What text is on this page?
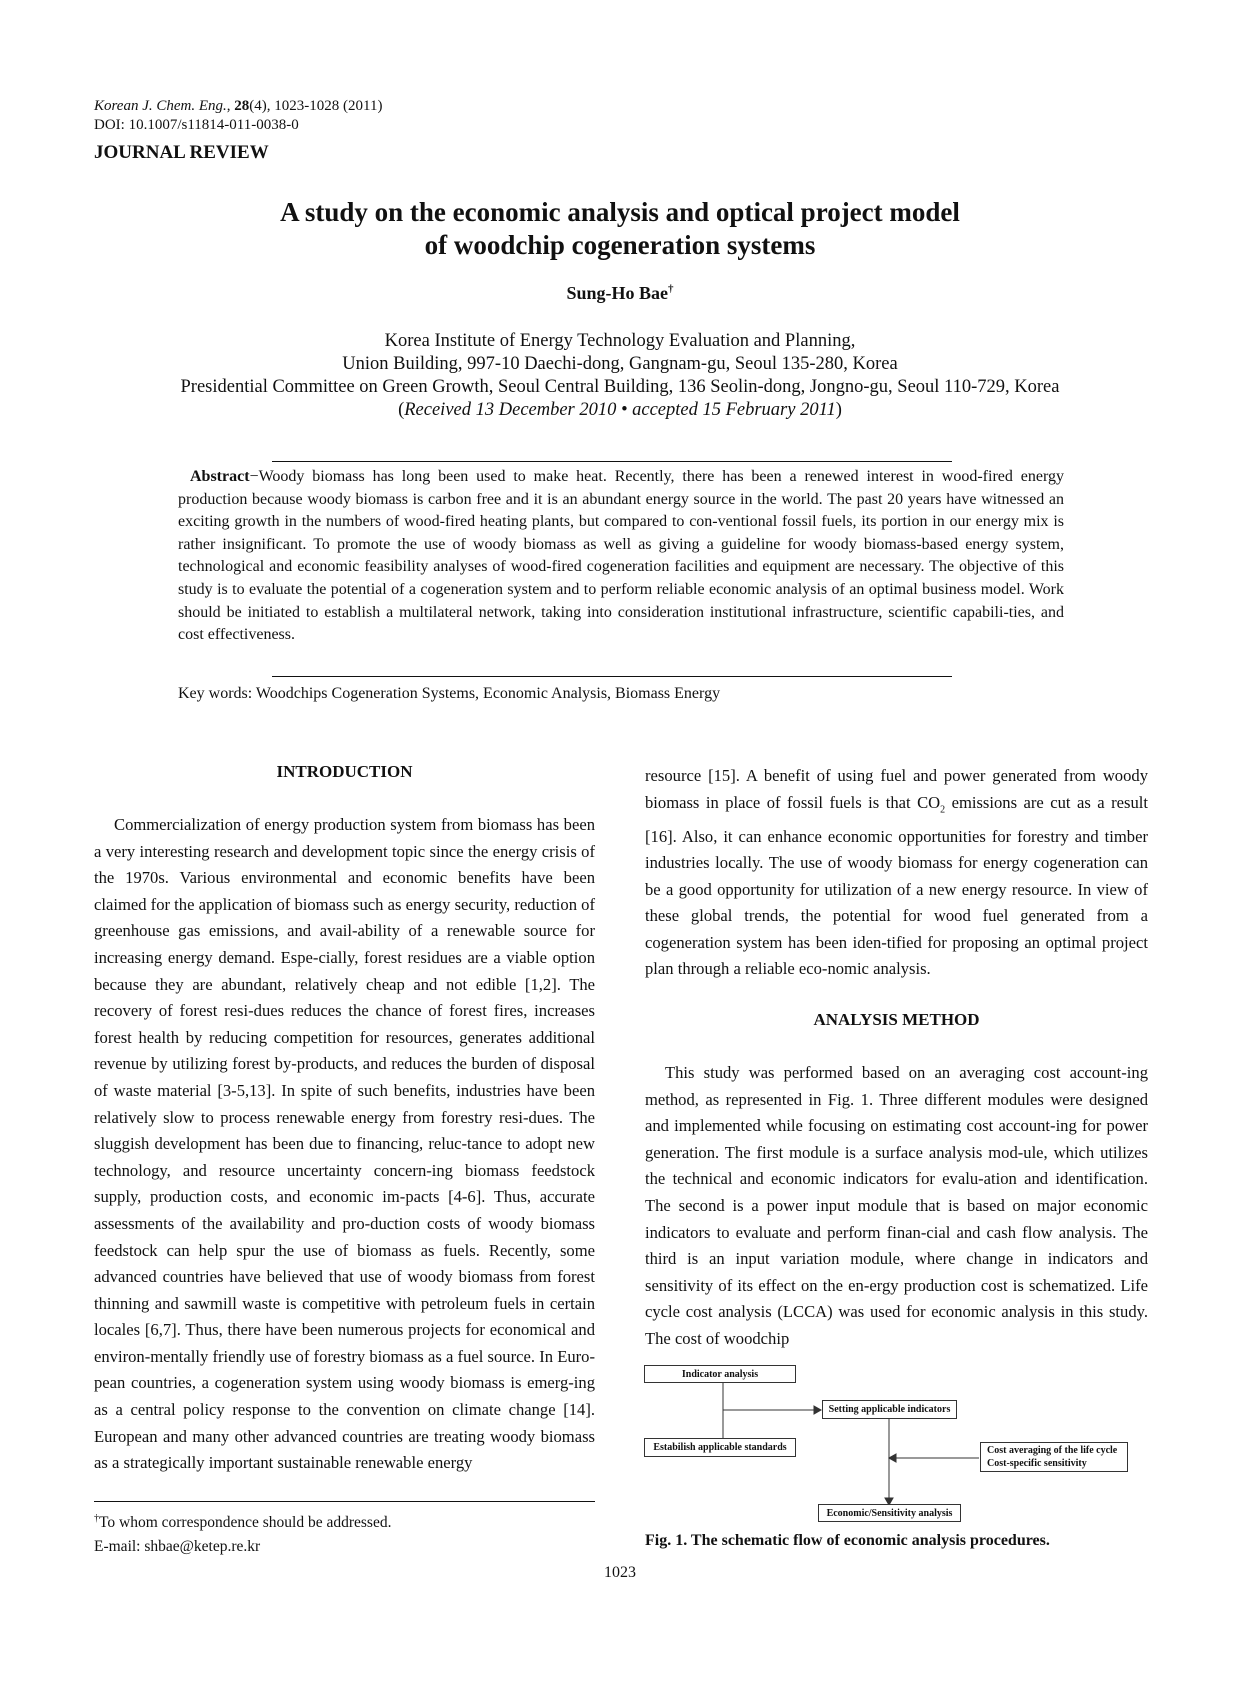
Korean J. Chem. Eng., 28(4), 1023-1028 (2011)
DOI: 10.1007/s11814-011-0038-0
JOURNAL REVIEW
A study on the economic analysis and optical project model
of woodchip cogeneration systems
Sung-Ho Bae†
Korea Institute of Energy Technology Evaluation and Planning,
Union Building, 997-10 Daechi-dong, Gangnam-gu, Seoul 135-280, Korea
Presidential Committee on Green Growth, Seoul Central Building, 136 Seolin-dong, Jongno-gu, Seoul 110-729, Korea
(Received 13 December 2010 • accepted 15 February 2011)
Abstract−Woody biomass has long been used to make heat. Recently, there has been a renewed interest in wood-fired energy production because woody biomass is carbon free and it is an abundant energy source in the world. The past 20 years have witnessed an exciting growth in the numbers of wood-fired heating plants, but compared to con-ventional fossil fuels, its portion in our energy mix is rather insignificant. To promote the use of woody biomass as well as giving a guideline for woody biomass-based energy system, technological and economic feasibility analyses of wood-fired cogeneration facilities and equipment are necessary. The objective of this study is to evaluate the potential of a cogeneration system and to perform reliable economic analysis of an optimal business model. Work should be initiated to establish a multilateral network, taking into consideration institutional infrastructure, scientific capabili-ties, and cost effectiveness.
Key words: Woodchips Cogeneration Systems, Economic Analysis, Biomass Energy
INTRODUCTION
Commercialization of energy production system from biomass has been a very interesting research and development topic since the energy crisis of the 1970s. Various environmental and economic benefits have been claimed for the application of biomass such as energy security, reduction of greenhouse gas emissions, and avail-ability of a renewable source for increasing energy demand. Espe-cially, forest residues are a viable option because they are abundant, relatively cheap and not edible [1,2]. The recovery of forest resi-dues reduces the chance of forest fires, increases forest health by reducing competition for resources, generates additional revenue by utilizing forest by-products, and reduces the burden of disposal of waste material [3-5,13]. In spite of such benefits, industries have been relatively slow to process renewable energy from forestry resi-dues. The sluggish development has been due to financing, reluc-tance to adopt new technology, and resource uncertainty concern-ing biomass feedstock supply, production costs, and economic im-pacts [4-6]. Thus, accurate assessments of the availability and pro-duction costs of woody biomass feedstock can help spur the use of biomass as fuels. Recently, some advanced countries have believed that use of woody biomass from forest thinning and sawmill waste is competitive with petroleum fuels in certain locales [6,7]. Thus, there have been numerous projects for economical and environ-mentally friendly use of forestry biomass as a fuel source. In Euro-pean countries, a cogeneration system using woody biomass is emerg-ing as a central policy response to the convention on climate change [14]. European and many other advanced countries are treating woody biomass as a strategically important sustainable renewable energy
resource [15]. A benefit of using fuel and power generated from woody biomass in place of fossil fuels is that $CO_2$ emissions are cut as a result [16]. Also, it can enhance economic opportunities for forestry and timber industries locally. The use of woody biomass for energy cogeneration can be a good opportunity for utilization of a new energy resource. In view of these global trends, the potential for wood fuel generated from a cogeneration system has been iden-tified for proposing an optimal project plan through a reliable eco-nomic analysis.
ANALYSIS METHOD
This study was performed based on an averaging cost account-ing method, as represented in Fig. 1. Three different modules were designed and implemented while focusing on estimating cost account-ing for power generation. The first module is a surface analysis mod-ule, which utilizes the technical and economic indicators for evalu-ation and identification. The second is a power input module that is based on major economic indicators to evaluate and perform finan-cial and cash flow analysis. The third is an input variation module, where change in indicators and sensitivity of its effect on the en-ergy production cost is schematized. Life cycle cost analysis (LCCA) was used for economic analysis in this study. The cost of woodchip
Indicator analysis
Setting applicable indicators
Estabilish applicable standards	Cost averaging of the life cycle
Cost-specific sensitivity
Economic/Sensitivity analysis
Fig. 1. The schematic flow of economic analysis procedures.
†To whom correspondence should be addressed.
E-mail: shbae@ketep.re.kr
1023
